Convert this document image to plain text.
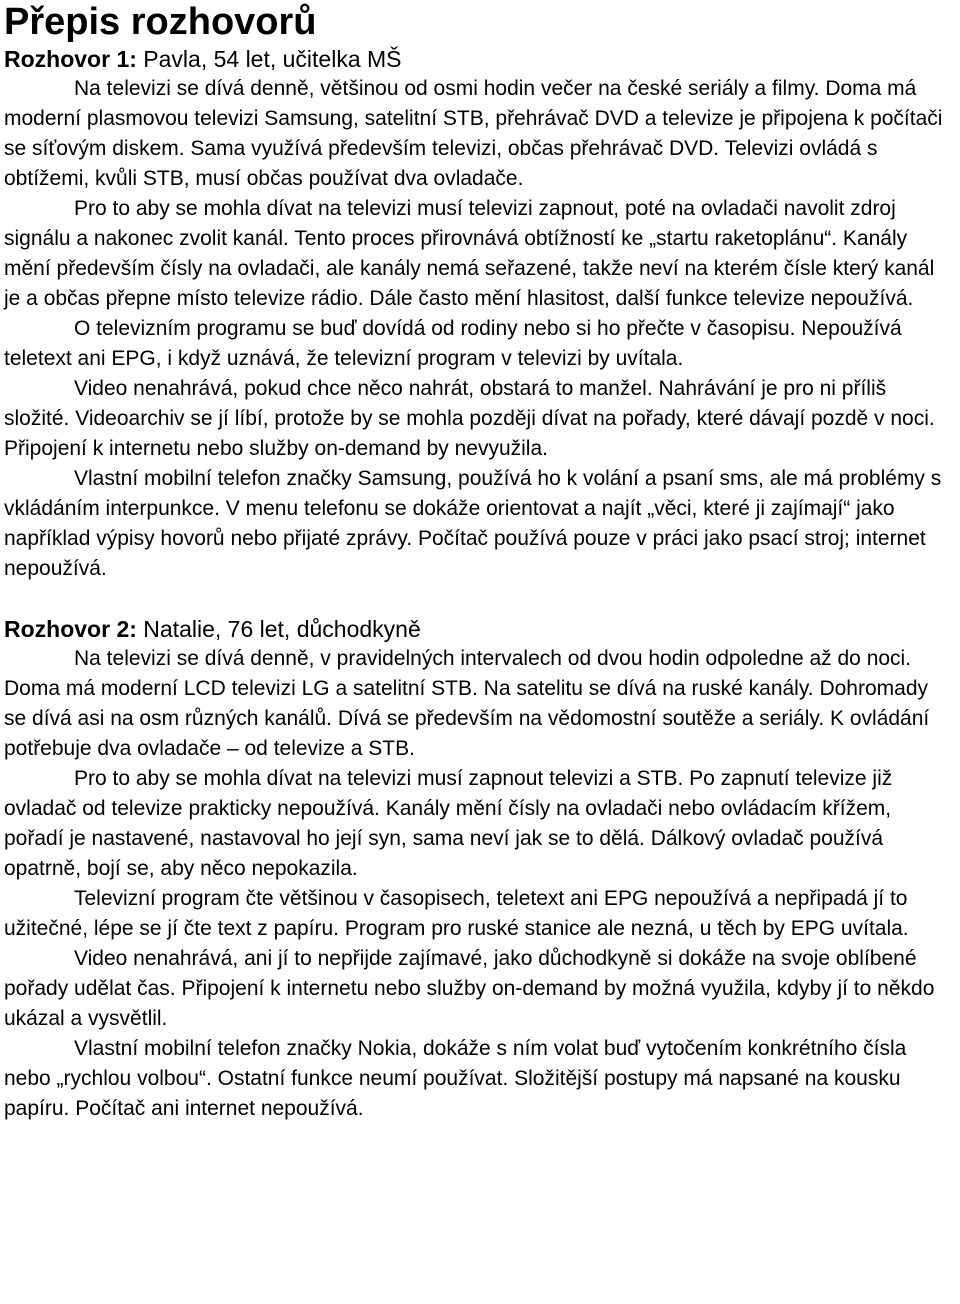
Přepis rozhovorů

Rozhovor 1: Pavla, 54 let, učitelka MŠ

Na televizi se dívá denně, většinou od osmi hodin večer na české seriály a filmy. Doma má moderní plasmovou televizi Samsung, satelitní STB, přehrávač DVD a televize je připojena k počítači se síťovým diskem. Sama využívá především televizi, občas přehrávač DVD. Televizi ovládá s obtížemi, kvůli STB, musí občas používat dva ovladače.

Pro to aby se mohla dívat na televizi musí televizi zapnout, poté na ovladači navolit zdroj signálu a nakonec zvolit kanál. Tento proces přirovnává obtížností ke „startu raketoplánu“. Kanály mění především čísly na ovladači, ale kanály nemá seřazené, takže neví na kterém čísle který kanál je a občas přepne místo televize rádio. Dále často mění hlasitost, další funkce televize nepoužívá.

O televizním programu se buď dovídá od rodiny nebo si ho přečte v časopisu. Nepoužívá teletext ani EPG, i když uznává, že televizní program v televizi by uvítala.

Video nenahrává, pokud chce něco nahrát, obstará to manžel. Nahrávání je pro ni příliš složité. Videoarchiv se jí líbí, protože by se mohla později dívat na pořady, které dávají pozdě v noci. Připojení k internetu nebo služby on-demand by nevyužila.

Vlastní mobilní telefon značky Samsung, používá ho k volání a psaní sms, ale má problémy s vkládáním interpunkce. V menu telefonu se dokáže orientovat a najít „věci, které ji zajímají“ jako například výpisy hovorů nebo přijaté zprávy. Počítač používá pouze v práci jako psací stroj; internet nepoužívá.

Rozhovor 2: Natalie, 76 let, důchodkyně

Na televizi se dívá denně, v pravidelných intervalech od dvou hodin odpoledne až do noci. Doma má moderní LCD televizi LG a satelitní STB. Na satelitu se dívá na ruské kanály. Dohromady se dívá asi na osm různých kanálů. Dívá se především na vědomostní soutěže a seriály. K ovládání potřebuje dva ovladače – od televize a STB.

Pro to aby se mohla dívat na televizi musí zapnout televizi a STB. Po zapnutí televize již ovladač od televize prakticky nepoužívá. Kanály mění čísly na ovladači nebo ovládacím křížem, pořadí je nastavené, nastavoval ho její syn, sama neví jak se to dělá. Dálkový ovladač používá opatrně, bojí se, aby něco nepokazila.

Televizní program čte většinou v časopisech, teletext ani EPG nepoužívá a nepřipadá jí to užitečné, lépe se jí čte text z papíru. Program pro ruské stanice ale nezná, u těch by EPG uvítala.

Video nenahrává, ani jí to nepřijde zajímavé, jako důchodkyně si dokáže na svoje oblíbené pořady udělat čas. Připojení k internetu nebo služby on-demand by možná využila, kdyby jí to někdo ukázal a vysvětlil.

Vlastní mobilní telefon značky Nokia, dokáže s ním volat buď vytočením konkrétního čísla nebo „rychlou volbou“. Ostatní funkce neumí používat. Složitější postupy má napsané na kousku papíru. Počítač ani internet nepoužívá.
